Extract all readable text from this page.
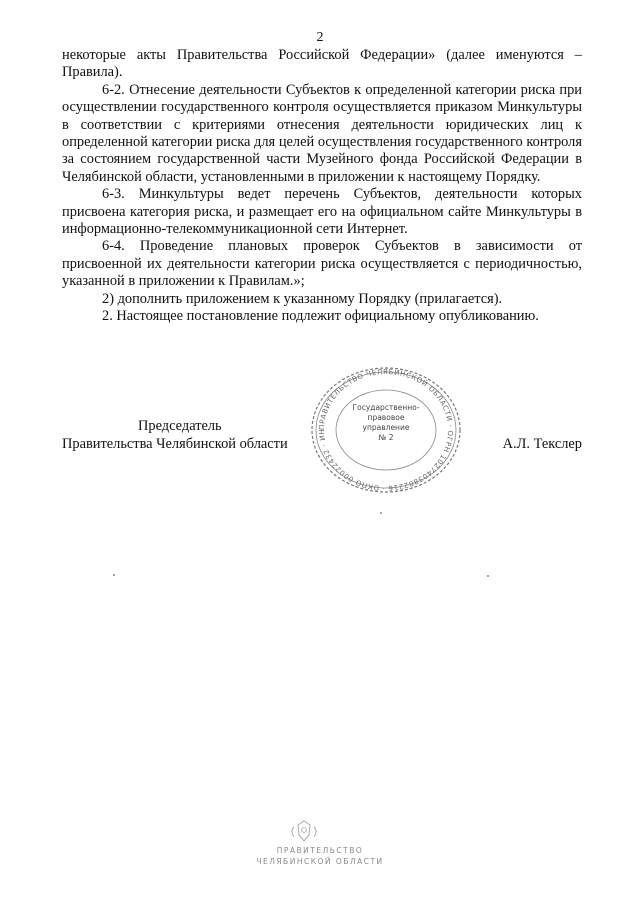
2

некоторые акты Правительства Российской Федерации» (далее именуются – Правила).

6-2. Отнесение деятельности Субъектов к определенной категории риска при осуществлении государственного контроля осуществляется приказом Минкультуры в соответствии с критериями отнесения деятельности юридических лиц к определенной категории риска для целей осуществления государственного контроля за состоянием государственной части Музейного фонда Российской Федерации в Челябинской области, установленными в приложении к настоящему Порядку.

6-3. Минкультуры ведет перечень Субъектов, деятельности которых присвоена категория риска, и размещает его на официальном сайте Минкультуры в информационно-телекоммуникационной сети Интернет.

6-4. Проведение плановых проверок Субъектов в зависимости от присвоенной их деятельности категории риска осуществляется с периодичностью, указанной в приложении к Правилам.»;

2) дополнить приложением к указанному Порядку (прилагается).

2. Настоящее постановление подлежит официальному опубликованию.

ПРАВИТЕЛЬСТВО ЧЕЛЯБИНСКОЙ ОБЛАСТИ · ОГРН 1027403882216 · ОКПО 00022432 · ИН
Государственно-
правовое
управление
№ 2
Председатель
Правительства Челябинской области	А.Л. Текслер
ПРАВИТЕЛЬСТВО
ЧЕЛЯБИНСКОЙ ОБЛАСТИ
